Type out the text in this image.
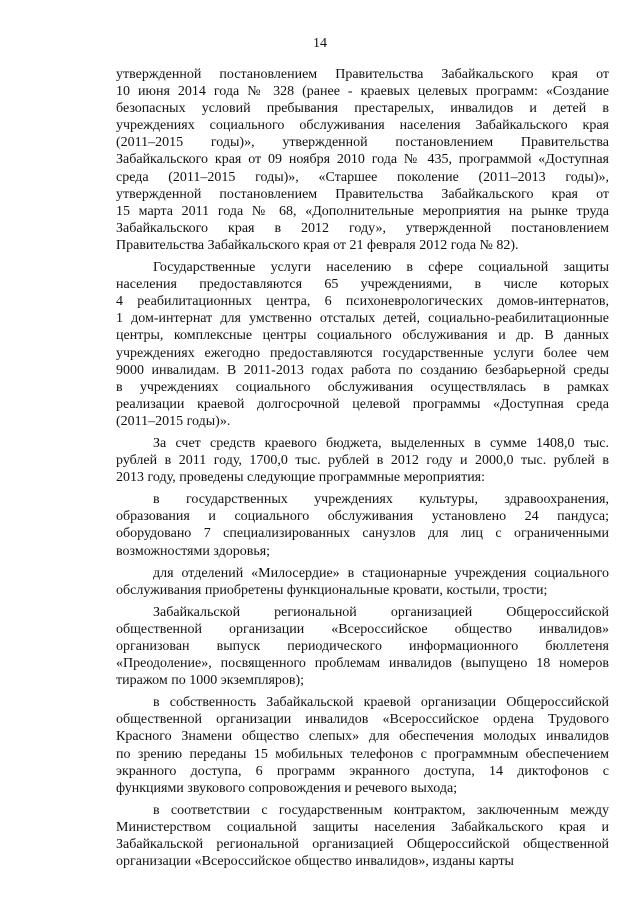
14
утвержденной постановлением Правительства Забайкальского края от
10 июня 2014 года № 328 (ранее - краевых целевых программ: «Создание
безопасных условий пребывания престарелых, инвалидов и детей в
учреждениях социального обслуживания населения Забайкальского края
(2011–2015 годы)», утвержденной постановлением Правительства
Забайкальского края от 09 ноября 2010 года № 435, программой «Доступная
среда (2011–2015 годы)», «Старшее поколение (2011–2013 годы)»,
утвержденной постановлением Правительства Забайкальского края от
15 марта 2011 года № 68, «Дополнительные мероприятия на рынке труда
Забайкальского края в 2012 году», утвержденной постановлением
Правительства Забайкальского края от 21 февраля 2012 года № 82).
Государственные услуги населению в сфере социальной защиты
населения предоставляются 65 учреждениями, в числе которых
4 реабилитационных центра, 6 психоневрологических домов-интернатов,
1 дом-интернат для умственно отсталых детей, социально-реабилитационные
центры, комплексные центры социального обслуживания и др. В данных
учреждениях ежегодно предоставляются государственные услуги более чем
9000 инвалидам. В 2011-2013 годах работа по созданию безбарьерной среды
в учреждениях социального обслуживания осуществлялась в рамках
реализации краевой долгосрочной целевой программы «Доступная среда
(2011–2015 годы)».
За счет средств краевого бюджета, выделенных в сумме 1408,0 тыс.
рублей в 2011 году, 1700,0 тыс. рублей в 2012 году и 2000,0 тыс. рублей в
2013 году, проведены следующие программные мероприятия:
в государственных учреждениях культуры, здравоохранения,
образования и социального обслуживания установлено 24 пандуса;
оборудовано 7 специализированных санузлов для лиц с ограниченными
возможностями здоровья;
для отделений «Милосердие» в стационарные учреждения социального
обслуживания приобретены функциональные кровати, костыли, трости;
Забайкальской региональной организацией Общероссийской
общественной организации «Всероссийское общество инвалидов»
организован выпуск периодического информационного бюллетеня
«Преодоление», посвященного проблемам инвалидов (выпущено 18 номеров
тиражом по 1000 экземпляров);
в собственность Забайкальской краевой организации Общероссийской
общественной организации инвалидов «Всероссийское ордена Трудового
Красного Знамени общество слепых» для обеспечения молодых инвалидов
по зрению переданы 15 мобильных телефонов с программным обеспечением
экранного доступа, 6 программ экранного доступа, 14 диктофонов с
функциями звукового сопровождения и речевого выхода;
в соответствии с государственным контрактом, заключенным между
Министерством социальной защиты населения Забайкальского края и
Забайкальской региональной организацией Общероссийской общественной
организации «Всероссийское общество инвалидов», изданы карты
